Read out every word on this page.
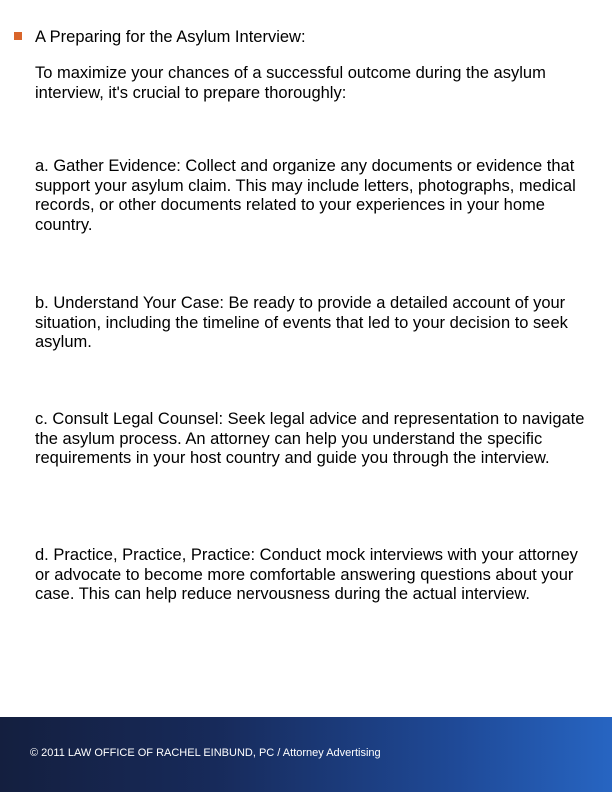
A Preparing for the Asylum Interview:

To maximize your chances of a successful outcome during the asylum interview, it's crucial to prepare thoroughly:

a. Gather Evidence: Collect and organize any documents or evidence that support your asylum claim. This may include letters, photographs, medical records, or other documents related to your experiences in your home country.

b. Understand Your Case: Be ready to provide a detailed account of your situation, including the timeline of events that led to your decision to seek asylum.

c. Consult Legal Counsel: Seek legal advice and representation to navigate the asylum process. An attorney can help you understand the specific requirements in your host country and guide you through the interview.

d. Practice, Practice, Practice: Conduct mock interviews with your attorney or advocate to become more comfortable answering questions about your case. This can help reduce nervousness during the actual interview.

© 2011 LAW OFFICE OF RACHEL EINBUND, PC / Attorney Advertising
